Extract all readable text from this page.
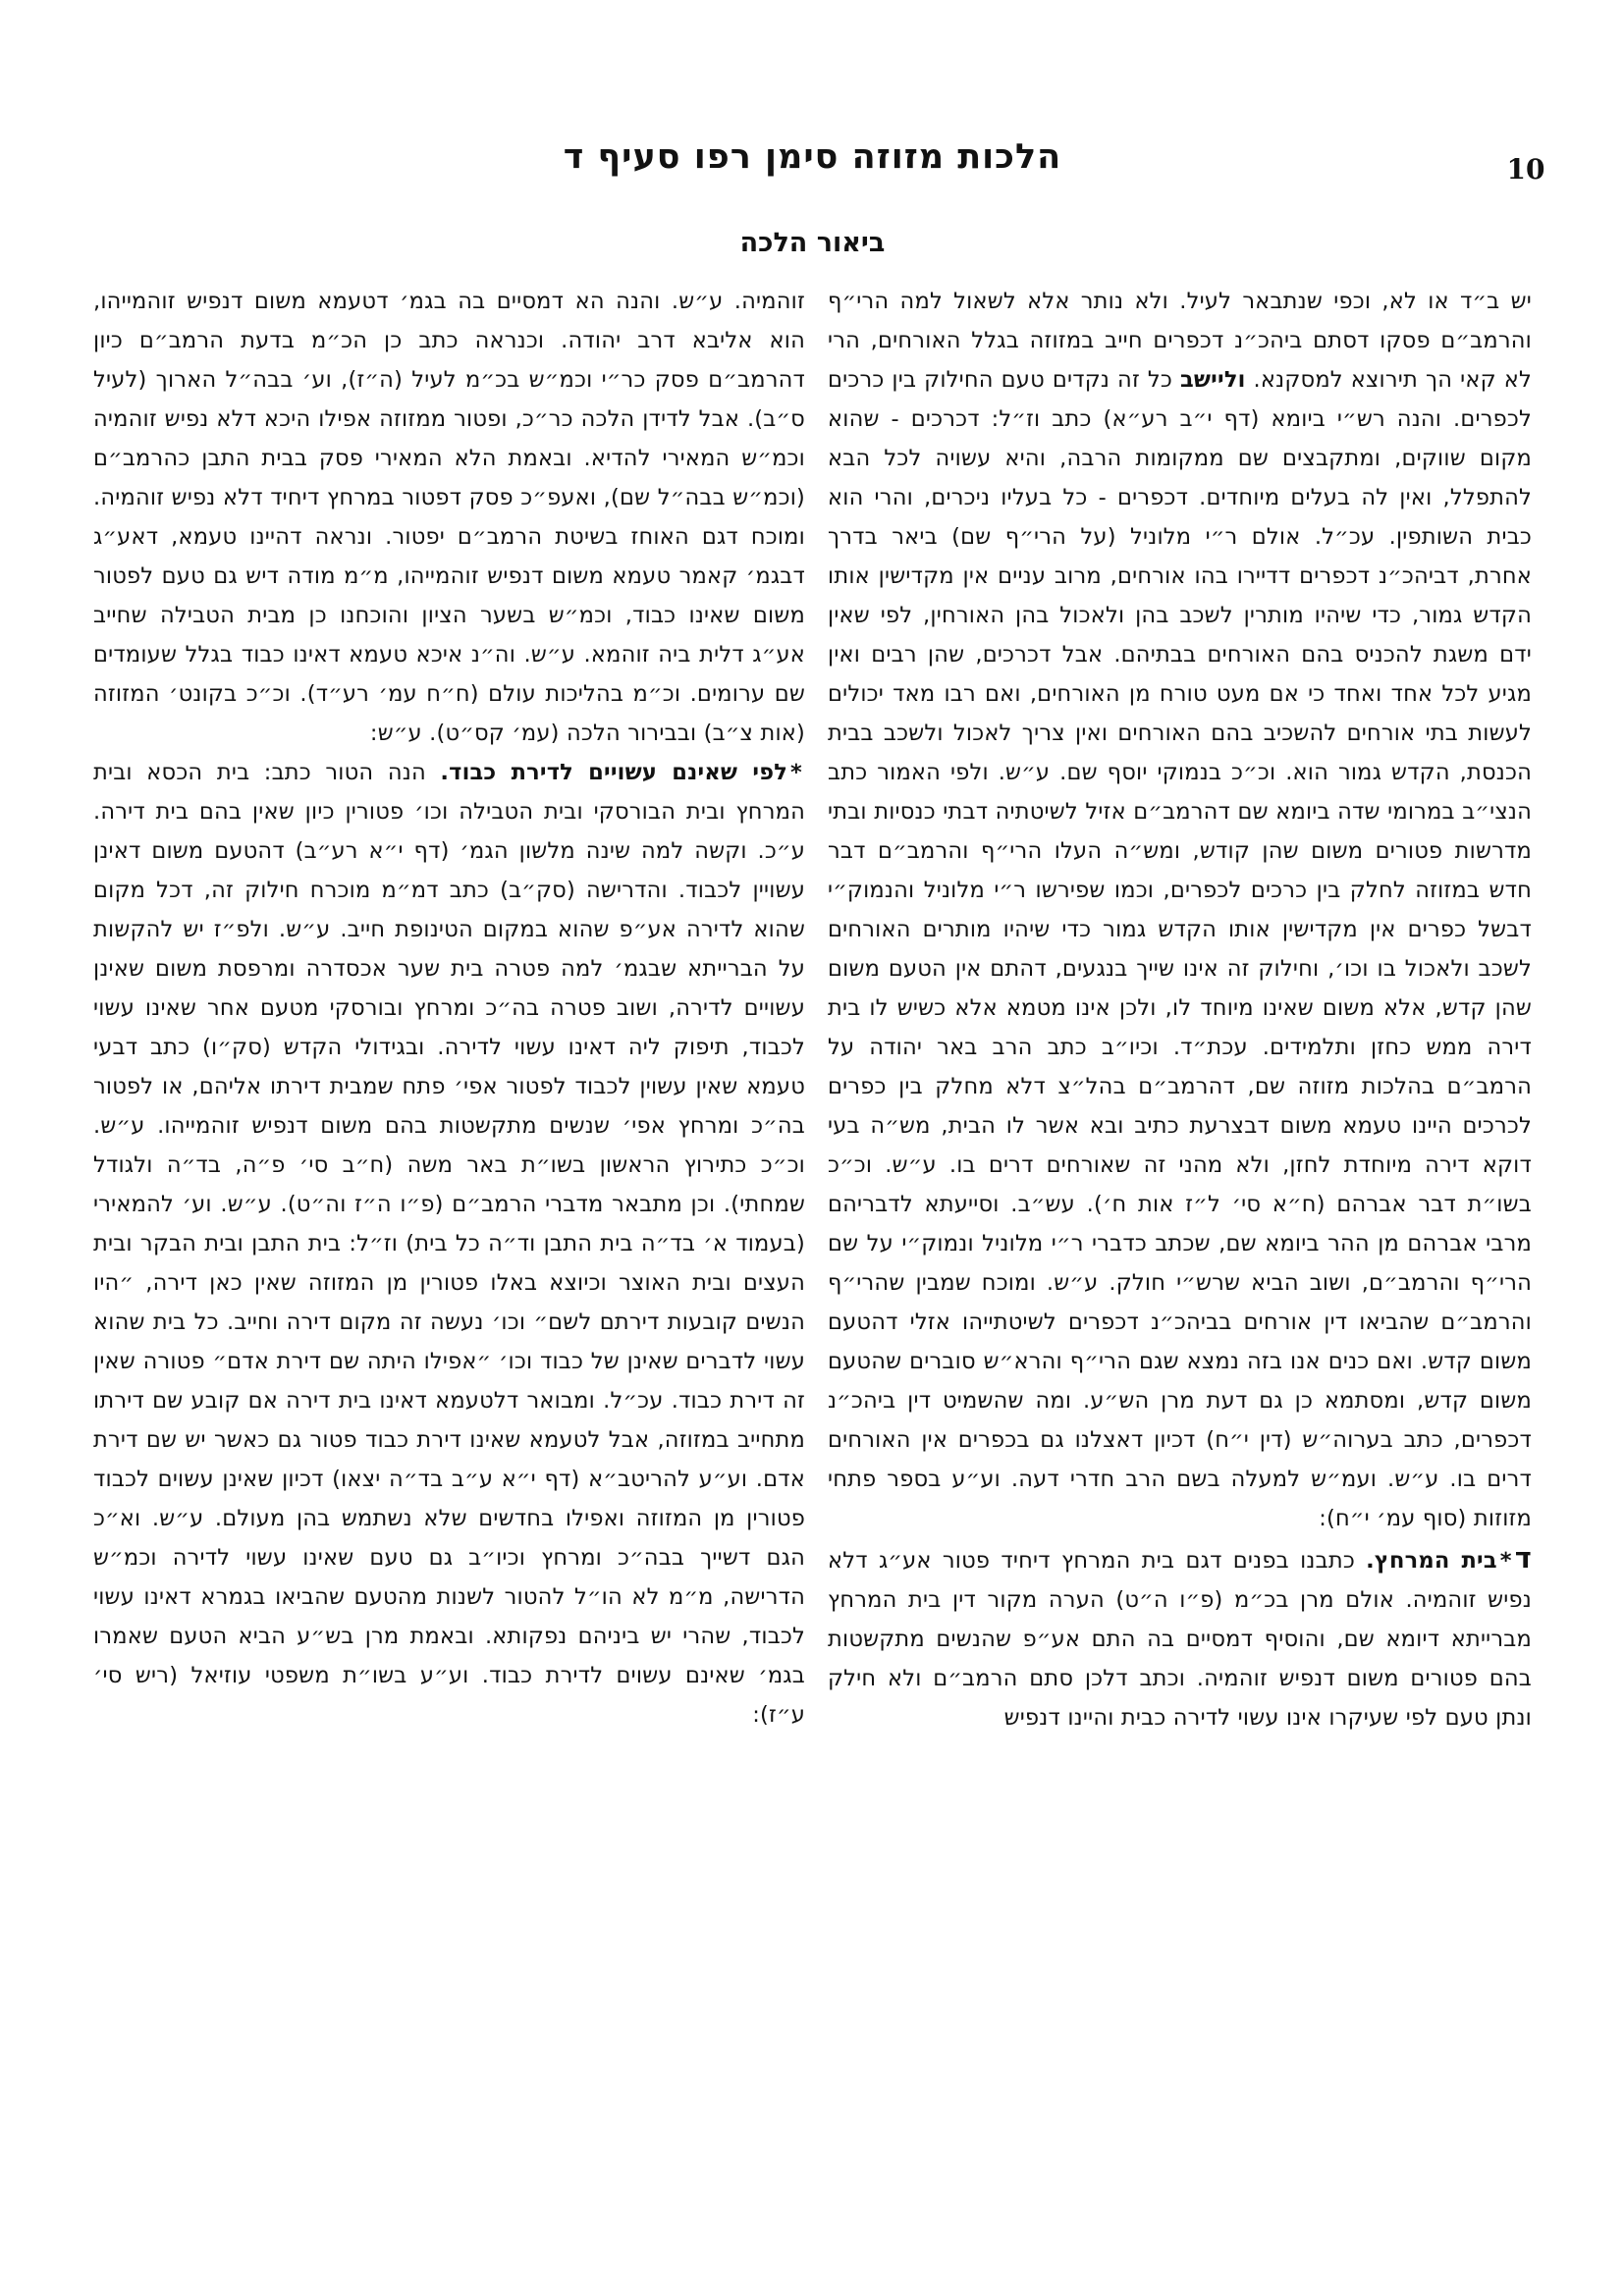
10
הלכות מזוזה סימן רפו סעיף ד
ביאור הלכה

יש ב״ד או לא, וכפי שנתבאר לעיל. ולא נותר אלא לשאול למה הרי״ף והרמב״ם פסקו דסתם ביהכ״נ דכפרים חייב במזוזה בגלל האורחים, הרי לא קאי הך תירוצא למסקנא. וליישב כל זה נקדים טעם החילוק בין כרכים לכפרים. והנה רש״י ביומא (דף י״ב רע״א) כתב וז״ל: דכרכים - שהוא מקום שווקים, ומתקבצים שם ממקומות הרבה, והיא עשויה לכל הבא להתפלל, ואין לה בעלים מיוחדים. דכפרים - כל בעליו ניכרים, והרי הוא כבית השותפין. עכ״ל. אולם ר״י מלוניל (על הרי״ף שם) ביאר בדרך אחרת, דביהכ״נ דכפרים דדיירו בהו אורחים, מרוב עניים אין מקדישין אותו הקדש גמור, כדי שיהיו מותרין לשכב בהן ולאכול בהן האורחין, לפי שאין ידם משגת להכניס בהם האורחים בבתיהם. אבל דכרכים, שהן רבים ואין מגיע לכל אחד ואחד כי אם מעט טורח מן האורחים, ואם רבו מאד יכולים לעשות בתי אורחים להשכיב בהם האורחים ואין צריך לאכול ולשכב בבית הכנסת, הקדש גמור הוא. וכ״כ בנמוקי יוסף שם. ע״ש. ולפי האמור כתב הנצי״ב במרומי שדה ביומא שם דהרמב״ם אזיל לשיטתיה דבתי כנסיות ובתי מדרשות פטורים משום שהן קודש, ומש״ה העלו הרי״ף והרמב״ם דבר חדש במזוזה לחלק בין כרכים לכפרים, וכמו שפירשו ר״י מלוניל והנמוק״י דבשל כפרים אין מקדישין אותו הקדש גמור כדי שיהיו מותרים האורחים לשכב ולאכול בו וכו׳, וחילוק זה אינו שייך בנגעים, דהתם אין הטעם משום שהן קדש, אלא משום שאינו מיוחד לו, ולכן אינו מטמא אלא כשיש לו בית דירה ממש כחזן ותלמידים. עכת״ד. וכיו״ב כתב הרב באר יהודה על הרמב״ם בהלכות מזוזה שם, דהרמב״ם בהל״צ דלא מחלק בין כפרים לכרכים היינו טעמא משום דבצרעת כתיב ובא אשר לו הבית, מש״ה בעי דוקא דירה מיוחדת לחזן, ולא מהני זה שאורחים דרים בו. ע״ש. וכ״כ בשו״ת דבר אברהם (ח״א סי׳ ל״ז אות ח׳). עש״ב. וסייעתא לדבריהם מרבי אברהם מן ההר ביומא שם, שכתב כדברי ר״י מלוניל ונמוק״י על שם הרי״ף והרמב״ם, ושוב הביא שרש״י חולק. ע״ש. ומוכח שמבין שהרי״ף והרמב״ם שהביאו דין אורחים בביהכ״נ דכפרים לשיטתייהו אזלי דהטעם משום קדש. ואם כנים אנו בזה נמצא שגם הרי״ף והרא״ש סוברים שהטעם משום קדש, ומסתמא כן גם דעת מרן הש״ע. ומה שהשמיט דין ביהכ״נ דכפרים, כתב בערוה״ש (דין י״ח) דכיון דאצלנו גם בכפרים אין האורחים דרים בו. ע״ש. ועמ״ש למעלה בשם הרב חדרי דעה. וע״ע בספר פתחי מזוזות (סוף עמ׳ י״ח):

ד*בית המרחץ. כתבנו בפנים דגם בית המרחץ דיחיד פטור אע״ג דלא נפיש זוהמיה. אולם מרן בכ״מ (פ״ו ה״ט) הערה מקור דין בית המרחץ מברייתא דיומא שם, והוסיף דמסיים בה התם אע״פ שהנשים מתקשטות בהם פטורים משום דנפיש זוהמיה. וכתב דלכן סתם הרמב״ם ולא חילק ונתן טעם לפי שעיקרו אינו עשוי לדירה כבית והיינו דנפיש

זוהמיה. ע״ש. והנה הא דמסיים בה בגמ׳ דטעמא משום דנפיש זוהמייהו, הוא אליבא דרב יהודה. וכנראה כתב כן הכ״מ בדעת הרמב״ם כיון דהרמב״ם פסק כר״י וכמ״ש בכ״מ לעיל (ה״ז), וע׳ בבה״ל הארוך (לעיל ס״ב). אבל לדידן הלכה כר״כ, ופטור ממזוזה אפילו היכא דלא נפיש זוהמיה וכמ״ש המאירי להדיא. ובאמת הלא המאירי פסק בבית התבן כהרמב״ם (וכמ״ש בבה״ל שם), ואעפ״כ פסק דפטור במרחץ דיחיד דלא נפיש זוהמיה. ומוכח דגם האוחז בשיטת הרמב״ם יפטור. ונראה דהיינו טעמא, דאע״ג דבגמ׳ קאמר טעמא משום דנפיש זוהמייהו, מ״מ מודה דיש גם טעם לפטור משום שאינו כבוד, וכמ״ש בשער הציון והוכחנו כן מבית הטבילה שחייב אע״ג דלית ביה זוהמא. ע״ש. וה״נ איכא טעמא דאינו כבוד בגלל שעומדים שם ערומים. וכ״מ בהליכות עולם (ח״ח עמ׳ רע״ד). וכ״כ בקונט׳ המזוזה (אות צ״ב) ובבירור הלכה (עמ׳ קס״ט). ע״ש:

*לפי שאינם עשויים לדירת כבוד. הנה הטור כתב: בית הכסא ובית המרחץ ובית הבורסקי ובית הטבילה וכו׳ פטורין כיון שאין בהם בית דירה. ע״כ. וקשה למה שינה מלשון הגמ׳ (דף י״א רע״ב) דהטעם משום דאינן עשויין לכבוד. והדרישה (סק״ב) כתב דמ״מ מוכרח חילוק זה, דכל מקום שהוא לדירה אע״פ שהוא במקום הטינופת חייב. ע״ש. ולפ״ז יש להקשות על הברייתא שבגמ׳ למה פטרה בית שער אכסדרה ומרפסת משום שאינן עשויים לדירה, ושוב פטרה בה״כ ומרחץ ובורסקי מטעם אחר שאינו עשוי לכבוד, תיפוק ליה דאינו עשוי לדירה. ובגידולי הקדש (סק״ו) כתב דבעי טעמא שאין עשוין לכבוד לפטור אפי׳ פתח שמבית דירתו אליהם, או לפטור בה״כ ומרחץ אפי׳ שנשים מתקשטות בהם משום דנפיש זוהמייהו. ע״ש. וכ״כ כתירוץ הראשון בשו״ת באר משה (ח״ב סי׳ פ״ה, בד״ה ולגודל שמחתי). וכן מתבאר מדברי הרמב״ם (פ״ו ה״ז וה״ט). ע״ש. וע׳ להמאירי (בעמוד א׳ בד״ה בית התבן וד״ה כל בית) וז״ל: בית התבן ובית הבקר ובית העצים ובית האוצר וכיוצא באלו פטורין מן המזוזה שאין כאן דירה, ״היו הנשים קובעות דירתם לשם״ וכו׳ נעשה זה מקום דירה וחייב. כל בית שהוא עשוי לדברים שאינן של כבוד וכו׳ ״אפילו היתה שם דירת אדם״ פטורה שאין זה דירת כבוד. עכ״ל. ומבואר דלטעמא דאינו בית דירה אם קובע שם דירתו מתחייב במזוזה, אבל לטעמא שאינו דירת כבוד פטור גם כאשר יש שם דירת אדם. וע״ע להריטב״א (דף י״א ע״ב בד״ה יצאו) דכיון שאינן עשוים לכבוד פטורין מן המזוזה ואפילו בחדשים שלא נשתמש בהן מעולם. ע״ש. וא״כ הגם דשייך בבה״כ ומרחץ וכיו״ב גם טעם שאינו עשוי לדירה וכמ״ש הדרישה, מ״מ לא הו״ל להטור לשנות מהטעם שהביאו בגמרא דאינו עשוי לכבוד, שהרי יש ביניהם נפקותא. ובאמת מרן בש״ע הביא הטעם שאמרו בגמ׳ שאינם עשוים לדירת כבוד. וע״ע בשו״ת משפטי עוזיאל (ריש סי׳ ע״ז):
